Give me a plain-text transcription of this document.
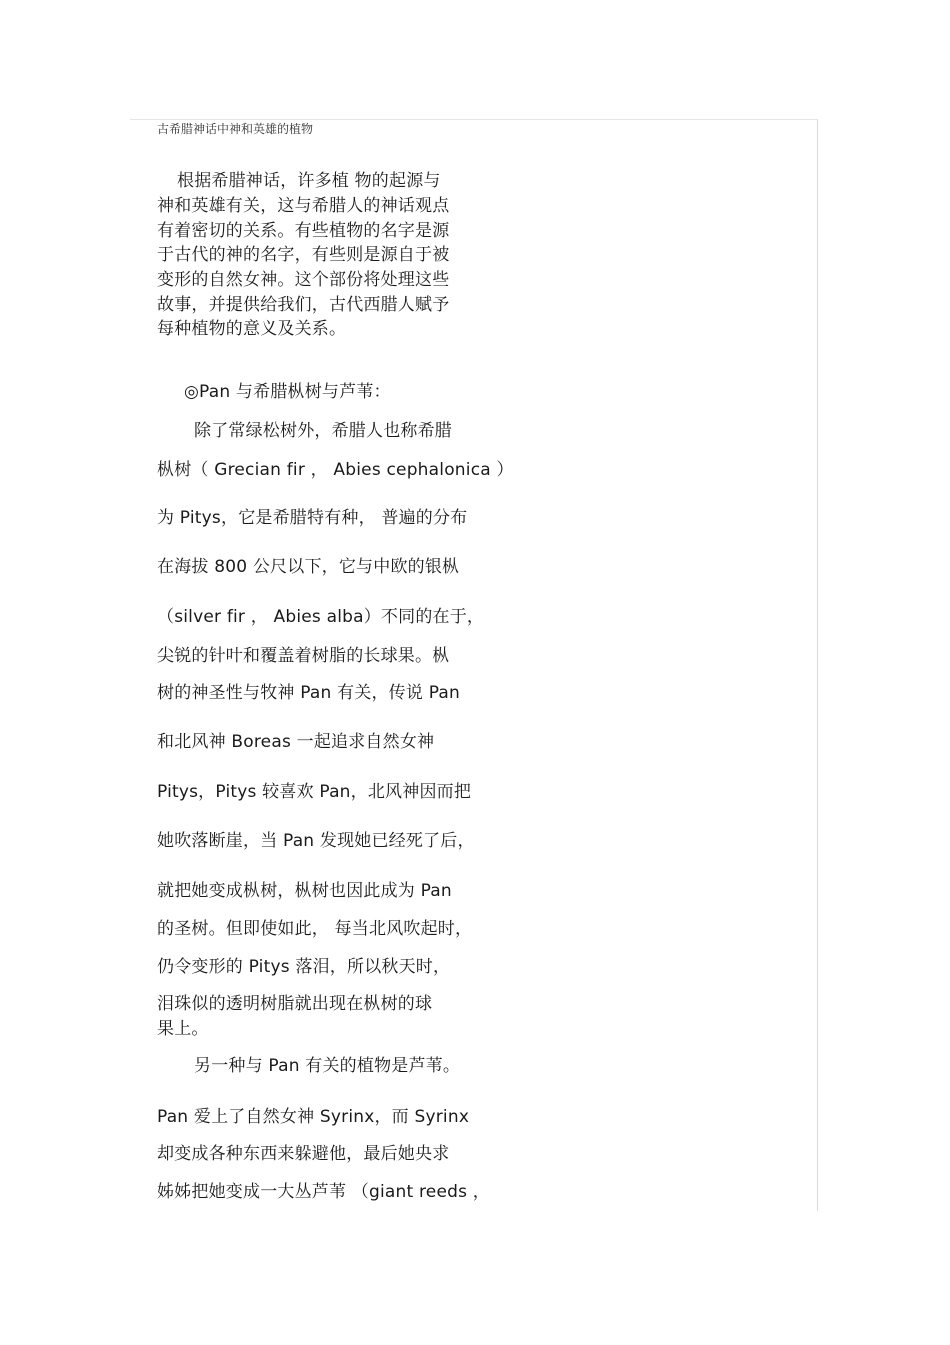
古希腊神话中神和英雄的植物
根据希腊神话，许多植 物的起源与
神和英雄有关，这与希腊人的神话观点
有着密切的关系。有些植物的名字是源
于古代的神的名字，有些则是源自于被
变形的自然女神。这个部份将处理这些
故事，并提供给我们，古代西腊人赋予
每种植物的意义及关系。
◎Pan 与希腊枞树与芦苇：
除了常绿松树外，希腊人也称希腊
枞树（ Grecian fir ， Abies cephalonica ）
为 Pitys，它是希腊特有种， 普遍的分布
在海拔 800 公尺以下，它与中欧的银枞
（silver fir ， Abies alba）不同的在于，
尖锐的针叶和覆盖着树脂的长球果。枞
树的神圣性与牧神 Pan 有关，传说 Pan
和北风神 Boreas 一起追求自然女神
Pitys，Pitys 较喜欢 Pan，北风神因而把
她吹落断崖，当 Pan 发现她已经死了后，
就把她变成枞树，枞树也因此成为 Pan
的圣树。但即使如此， 每当北风吹起时，
仍令变形的 Pitys 落泪，所以秋天时，
泪珠似的透明树脂就出现在枞树的球
果上。
另一种与 Pan 有关的植物是芦苇。
Pan 爱上了自然女神 Syrinx，而 Syrinx
却变成各种东西来躲避他，最后她央求
姊姊把她变成一大丛芦苇 （giant reeds ，
